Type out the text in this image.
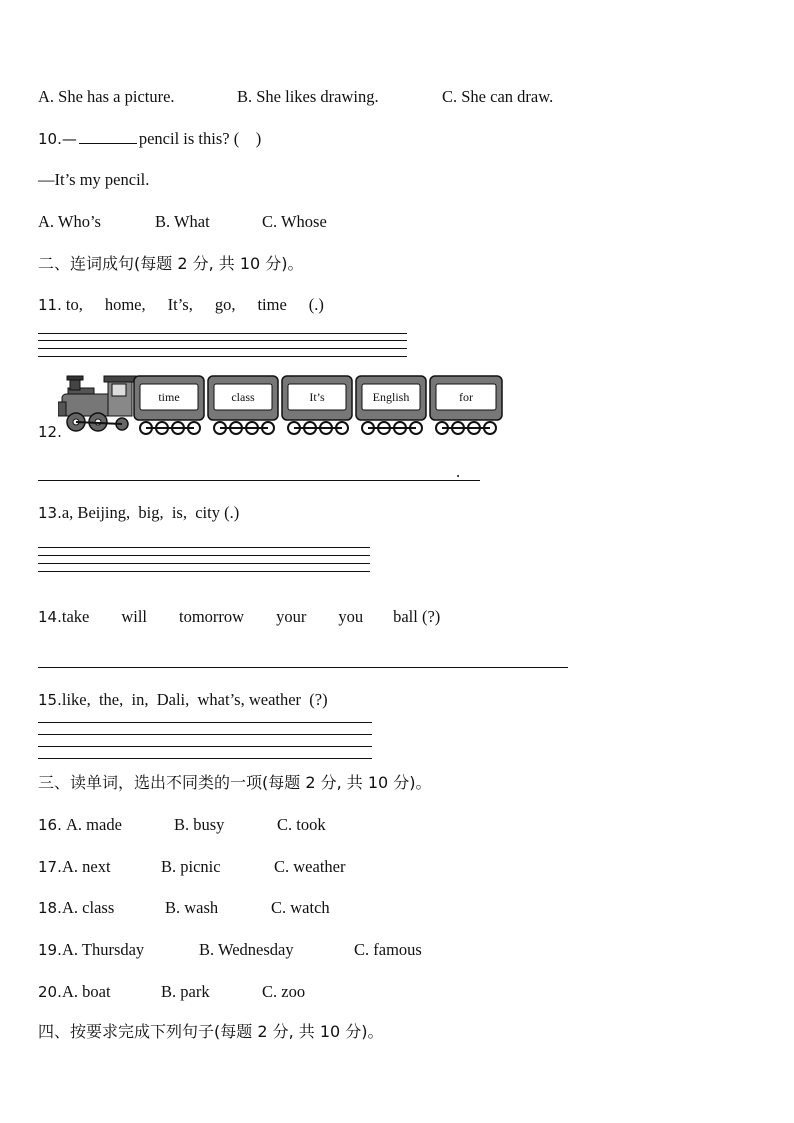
A. She has a picture.	B. She likes drawing.	C. She can draw.
10.—	pencil is this? (    )
—It’s my pencil.
A. Who’s	B. What	C. Whose
二、连词成句(每题 2 分, 共 10 分)。
11. to, home, It’s, go, time (.)
12.
time	class	It’s	English	for
.
13.a, Beijing,  big,  is,  city (.)
14.take will tomorrow your you ball (?)
15.like,  the,  in,  Dali,  what’s, weather  (?)
三、读单词，选出不同类的一项(每题 2 分, 共 10 分)。
16. A. made	B. busy	C. took
17. A. next	B. picnic	C. weather
18. A. class	B. wash	C. watch
19. A. Thursday	B. Wednesday	C. famous
20. A. boat	B. park	C. zoo
四、按要求完成下列句子(每题 2 分, 共 10 分)。
